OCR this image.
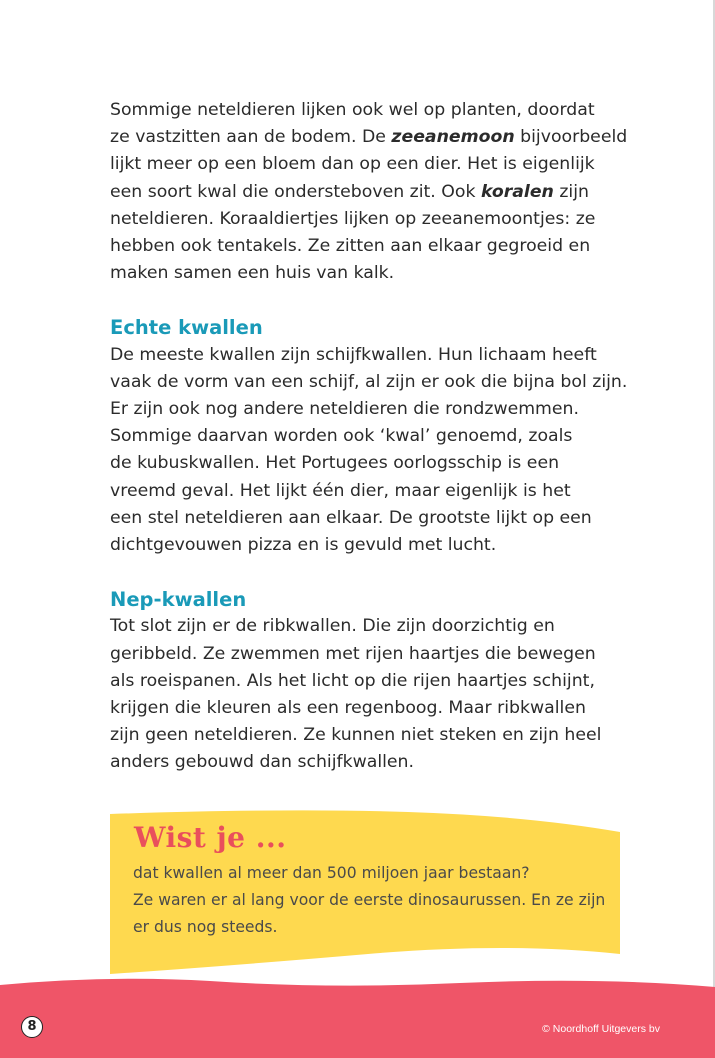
Sommige neteldieren lijken ook wel op planten, doordat
ze vastzitten aan de bodem. De zeeanemoon bijvoorbeeld
lijkt meer op een bloem dan op een dier. Het is eigenlijk
een soort kwal die ondersteboven zit. Ook koralen zijn
neteldieren. Koraaldiertjes lijken op zeeanemoontjes: ze
hebben ook tentakels. Ze zitten aan elkaar gegroeid en
maken samen een huis van kalk.

Echte kwallen

De meeste kwallen zijn schijfkwallen. Hun lichaam heeft
vaak de vorm van een schijf, al zijn er ook die bijna bol zijn.
Er zijn ook nog andere neteldieren die rondzwemmen.
Sommige daarvan worden ook ‘kwal’ genoemd, zoals
de kubuskwallen. Het Portugees oorlogsschip is een
vreemd geval. Het lijkt één dier, maar eigenlijk is het
een stel neteldieren aan elkaar. De grootste lijkt op een
dichtgevouwen pizza en is gevuld met lucht.

Nep-kwallen

Tot slot zijn er de ribkwallen. Die zijn doorzichtig en
geribbeld. Ze zwemmen met rijen haartjes die bewegen
als roeispanen. Als het licht op die rijen haartjes schijnt,
krijgen die kleuren als een regenboog. Maar ribkwallen
zijn geen neteldieren. Ze kunnen niet steken en zijn heel
anders gebouwd dan schijfkwallen.

Wist je ...

dat kwallen al meer dan 500 miljoen jaar bestaan?
Ze waren er al lang voor de eerste dinosaurussen. En ze zijn
er dus nog steeds.

8	© Noordhoff Uitgevers bv
